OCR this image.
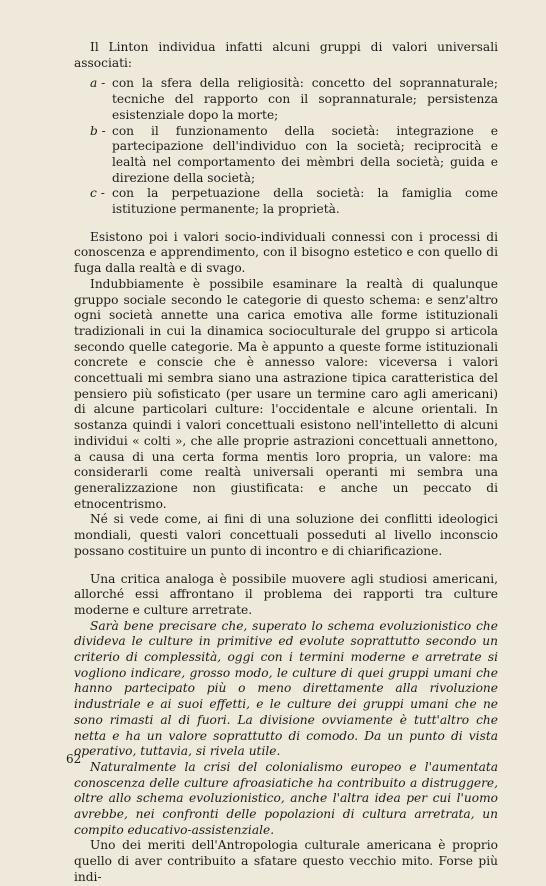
Il Linton individua infatti alcuni gruppi di valori universali associati:

a - con la sfera della religiosità: concetto del soprannaturale; tecniche del rapporto con il soprannaturale; persistenza esistenziale dopo la morte;
b - con il funzionamento della società: integrazione e partecipazione dell'individuo con la società; reciprocità e lealtà nel comportamento dei mèmbri della società; guida e direzione della società;
c - con la perpetuazione della società: la famiglia come istituzione permanente; la proprietà.

Esistono poi i valori socio-individuali connessi con i processi di conoscenza e apprendimento, con il bisogno estetico e con quello di fuga dalla realtà e di svago.

Indubbiamente è possibile esaminare la realtà di qualunque gruppo sociale secondo le categorie di questo schema: e senz'altro ogni società annette una carica emotiva alle forme istituzionali tradizionali in cui la dinamica socioculturale del gruppo si articola secondo quelle categorie. Ma è appunto a queste forme istituzionali concrete e conscie che è annesso valore: viceversa i valori concettuali mi sembra siano una astrazione tipica caratteristica del pensiero più sofisticato (per usare un termine caro agli americani) di alcune particolari culture: l'occidentale e alcune orientali. In sostanza quindi i valori concettuali esistono nell'intelletto di alcuni individui « colti », che alle proprie astrazioni concettuali annettono, a causa di una certa forma mentis loro propria, un valore: ma considerarli come realtà universali operanti mi sembra una generalizzazione non giustificata: e anche un peccato di etnocentrismo.

Né si vede come, ai fini di una soluzione dei conflitti ideologici mondiali, questi valori concettuali posseduti al livello inconscio possano costituire un punto di incontro e di chiarificazione.

Una critica analoga è possibile muovere agli studiosi americani, allorché essi affrontano il problema dei rapporti tra culture moderne e culture arretrate.

Sarà bene precisare che, superato lo schema evoluzionistico che divideva le culture in primitive ed evolute soprattutto secondo un criterio di complessità, oggi con i termini moderne e arretrate si vogliono indicare, grosso modo, le culture di quei gruppi umani che hanno partecipato più o meno direttamente alla rivoluzione industriale e ai suoi effetti, e le culture dei gruppi umani che ne sono rimasti al di fuori. La divisione ovviamente è tutt'altro che netta e ha un valore soprattutto di comodo. Da un punto di vista operativo, tuttavia, si rivela utile.

Naturalmente la crisi del colonialismo europeo e l'aumentata conoscenza delle culture afroasiatiche ha contribuito a distruggere, oltre allo schema evoluzionistico, anche l'altra idea per cui l'uomo avrebbe, nei confronti delle popolazioni di cultura arretrata, un compito educativo-assistenziale.

Uno dei meriti dell'Antropologia culturale americana è proprio quello di aver contribuito a sfatare questo vecchio mito. Forse più indi-

62
